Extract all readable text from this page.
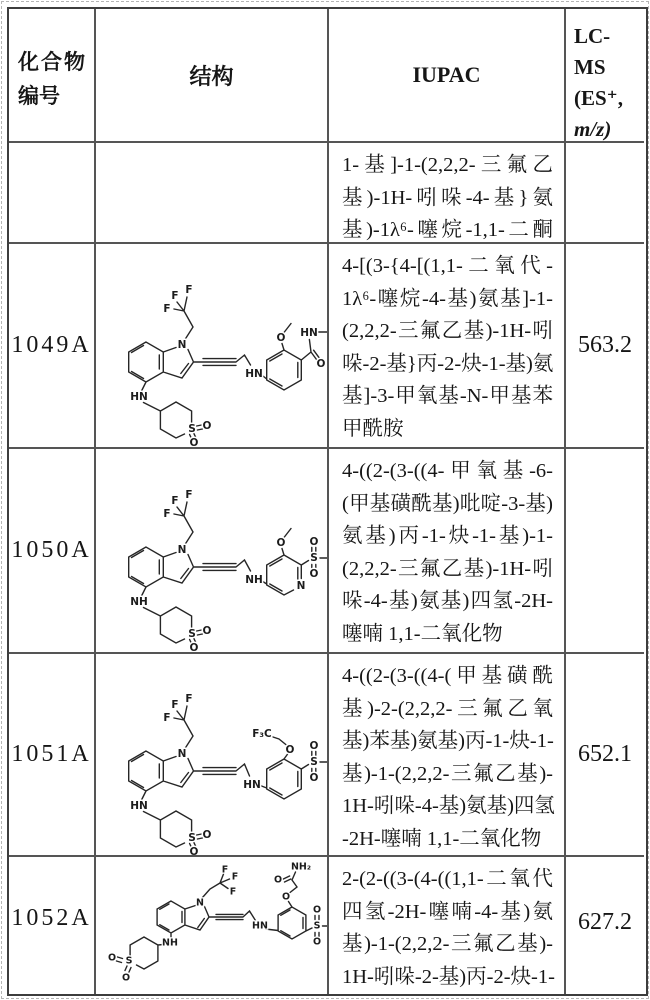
化合物
编号
结构	IUPAC
LC-
MS
(ES⁺,
m/z)
1-基]-1-(2,2,2-三氟乙
基)-1H-吲哚-4-基}氨
基)-1λ⁶-噻烷-1,1-二酮
1049A
F F
F
N
HN
S O
O
HN
O HN
O
4-[(3-{4-[(1,1-二氧代-
1λ⁶-噻烷-4-基)氨基]-1-
(2,2,2-三氟乙基)-1H-吲
哚-2-基}丙-2-炔-1-基)氨
基]-3-甲氧基-N-甲基苯
甲酰胺
563.2
1050A
F F
F
N
NH
S O
O
NH
O
N
S
O
O
4-((2-(3-((4-甲氧基-6-
(甲基磺酰基)吡啶-3-基)
氨基)丙-1-炔-1-基)-1-
(2,2,2-三氟乙基)-1H-吲
哚-4-基)氨基)四氢-2H-
噻喃 1,1-二氧化物
1051A
F F
F
N
HN
S O
O
HN
F₃C
O
S
O
O
4-((2-(3-((4-(甲基磺酰
基)-2-(2,2,2-三氟乙氧
基)苯基)氨基)丙-1-炔-1-
基)-1-(2,2,2-三氟乙基)-
1H-吲哚-4-基)氨基)四氢
-2H-噻喃 1,1-二氧化物
652.1
1052A
F
F
F
N
HN
O
O
NH₂
S
O
O
NH
S
O
O
2-(2-((3-(4-((1,1-二氧代
四氢-2H-噻喃-4-基)氨
基)-1-(2,2,2-三氟乙基)-
1H-吲哚-2-基)丙-2-炔-1-
627.2
